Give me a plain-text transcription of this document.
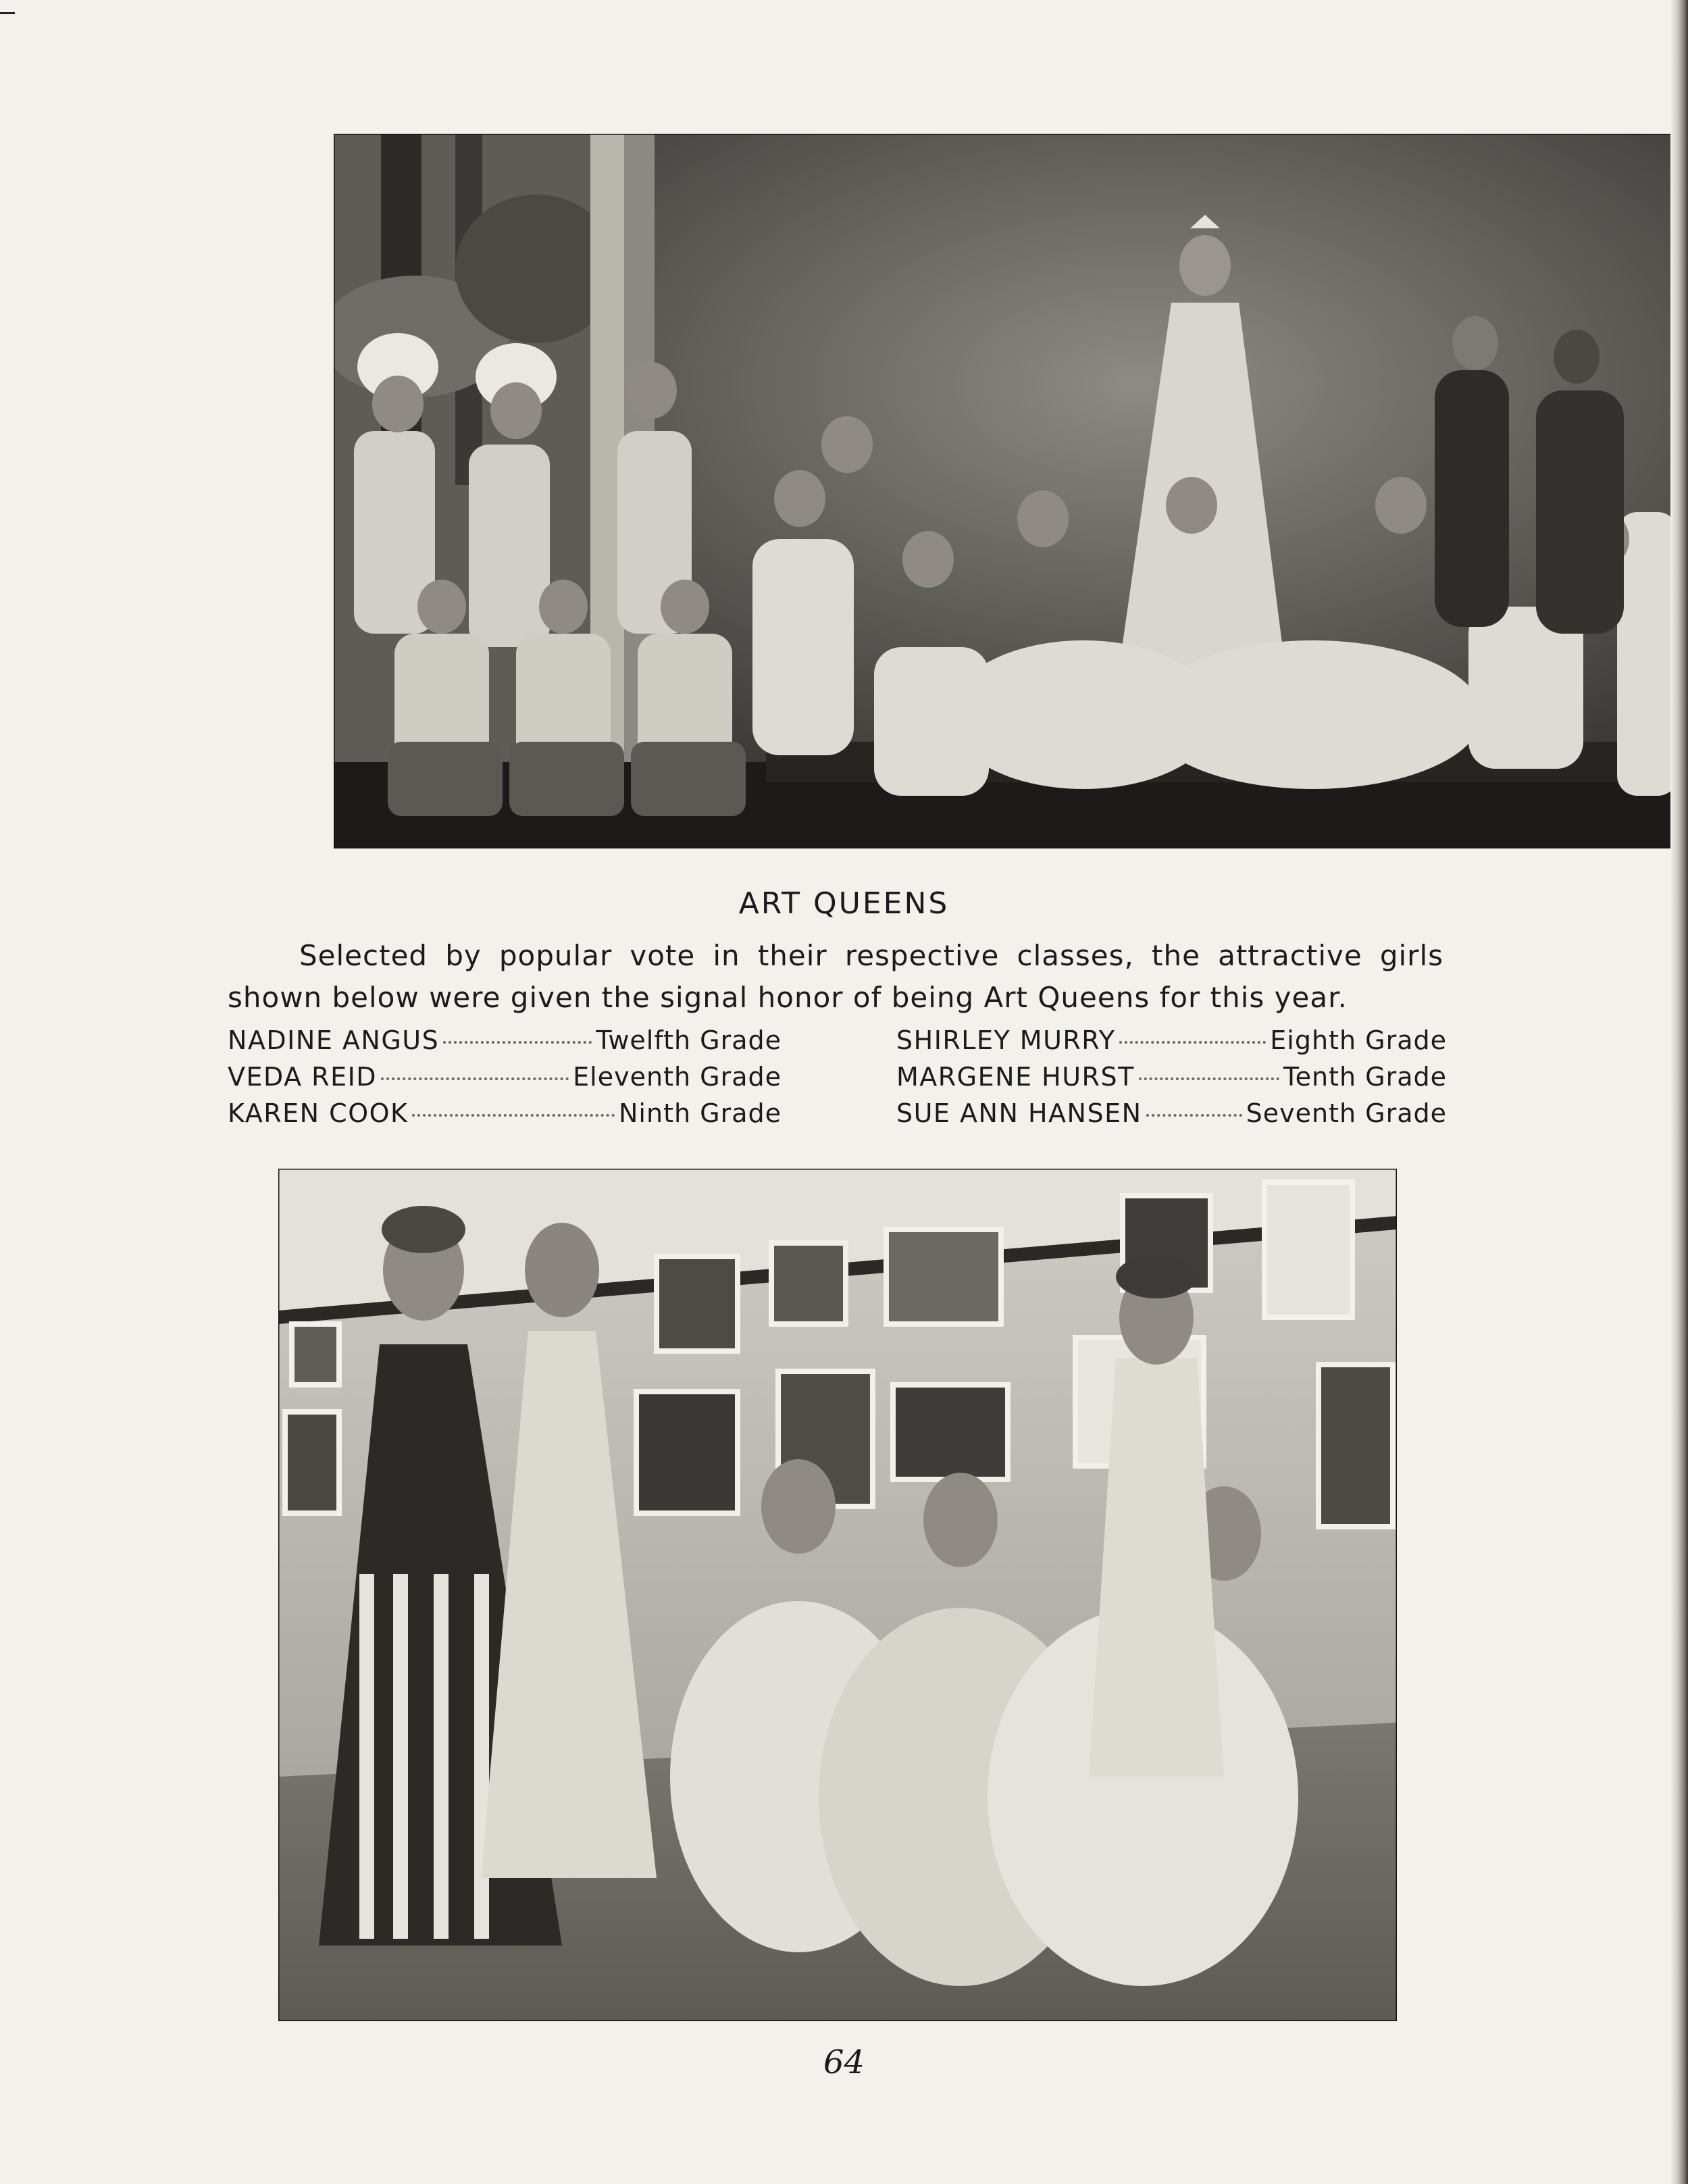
ART QUEENS
Selected by popular vote in their respective classes, the attractive girls shown below were given the signal honor of being Art Queens for this year.
NADINE ANGUS	Twelfth Grade
VEDA REID	Eleventh Grade
KAREN COOK	Ninth Grade
SHIRLEY MURRY	Eighth Grade
MARGENE HURST	Tenth Grade
SUE ANN HANSEN	Seventh Grade
64
